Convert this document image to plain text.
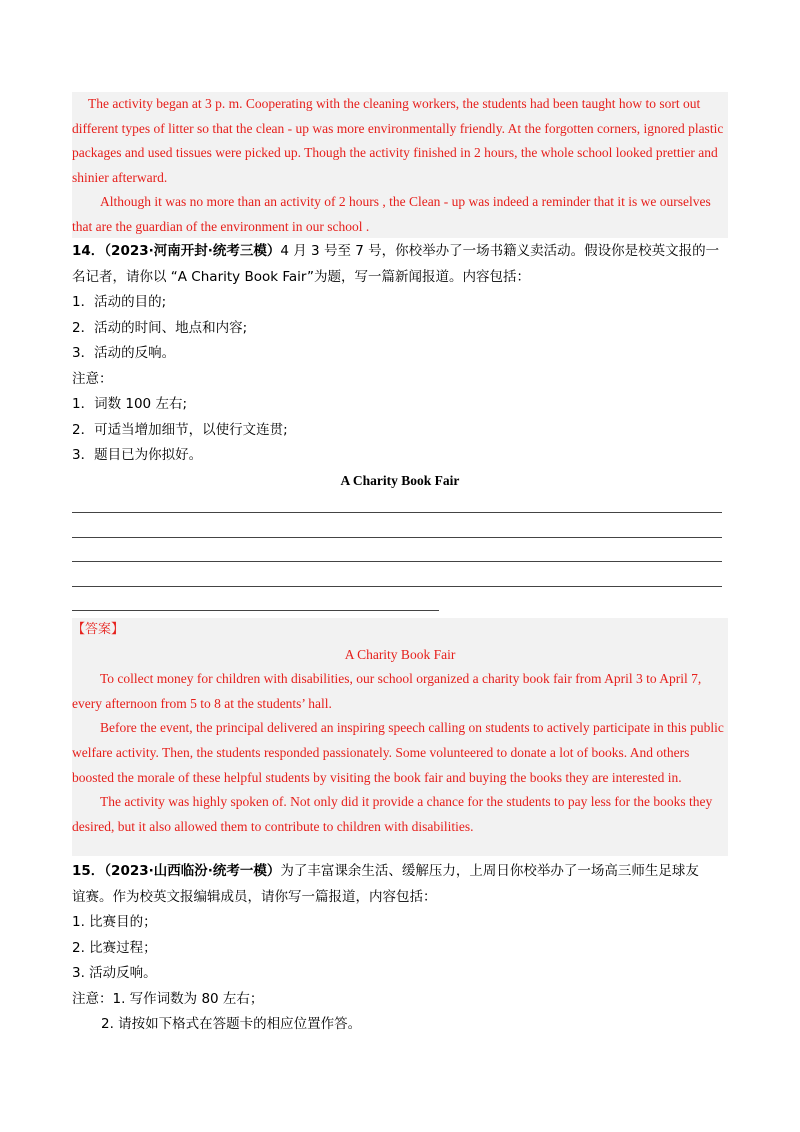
The activity began at 3 p. m. Cooperating with the cleaning workers, the students had been taught how to sort out different types of litter so that the clean - up was more environmentally friendly. At the forgotten corners, ignored plastic packages and used tissues were picked up. Though the activity finished in 2 hours, the whole school looked prettier and shinier afterward.

Although it was no more than an activity of 2 hours , the Clean - up was indeed a reminder that it is we ourselves that are the guardian of the environment in our school .

14．（2023·河南开封·统考三模）4 月 3 号至 7 号，你校举办了一场书籍义卖活动。假设你是校英文报的一

名记者，请你以 “A Charity Book Fair”为题，写一篇新闻报道。内容包括：

1．活动的目的;

2．活动的时间、地点和内容;

3．活动的反响。

注意：

1．词数 100 左右;

2．可适当增加细节，以使行文连贯;

3．题目已为你拟好。

A Charity Book Fair

【答案】

A Charity Book Fair

To collect money for children with disabilities, our school organized a charity book fair from April 3 to April 7, every afternoon from 5 to 8 at the students’ hall.

Before the event, the principal delivered an inspiring speech calling on students to actively participate in this public welfare activity. Then, the students responded passionately. Some volunteered to donate a lot of books. And others boosted the morale of these helpful students by visiting the book fair and buying the books they are interested in.

The activity was highly spoken of. Not only did it provide a chance for the students to pay less for the books they desired, but it also allowed them to contribute to children with disabilities.

15．（2023·山西临汾·统考一模）为了丰富课余生活、缓解压力，上周日你校举办了一场高三师生足球友

谊赛。作为校英文报编辑成员，请你写一篇报道，内容包括：

1. 比赛目的；

2. 比赛过程；

3. 活动反响。

注意：1. 写作词数为 80 左右；

2. 请按如下格式在答题卡的相应位置作答。
